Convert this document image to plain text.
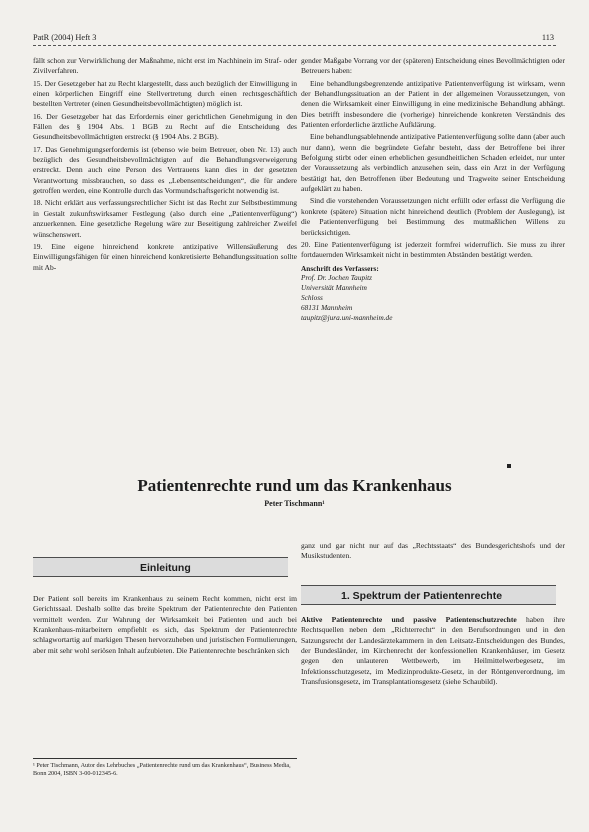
PatR (2004) Heft 3	113

fällt schon zur Verwirklichung der Maßnahme, nicht erst im Nachhinein im Straf- oder Zivilverfahren.

15. Der Gesetzgeber hat zu Recht klargestellt, dass auch bezüglich der Einwilligung in einen körperlichen Eingriff eine Stellvertretung durch einen rechtsgeschäftlich bestellten Vertreter (einen Gesundheitsbevollmächtigten) möglich ist.

16. Der Gesetzgeber hat das Erfordernis einer gerichtlichen Genehmigung in den Fällen des § 1904 Abs. 1 BGB zu Recht auf die Entscheidung des Gesundheitsbevollmächtigten erstreckt (§ 1904 Abs. 2 BGB).

17. Das Genehmigungserfordernis ist (ebenso wie beim Betreuer, oben Nr. 13) auch bezüglich des Gesundheitsbevollmächtigten auf die Behandlungsverweigerung erstreckt. Denn auch eine Person des Vertrauens kann dies in der gesetzten Verantwortung missbrauchen, so dass es „Lebensentscheidungen“, die für andere getroffen werden, eine Kontrolle durch das Vormundschaftsgericht notwendig ist.

18. Nicht erklärt aus verfassungsrechtlicher Sicht ist das Recht zur Selbstbestimmung in Gestalt zukunftswirksamer Festlegung (also durch eine „Patientenverfügung“) anzuerkennen. Eine gesetzliche Regelung wäre zur Beseitigung zahlreicher Zweifel wünschenswert.

19. Eine eigene hinreichend konkrete antizipative Willensäußerung des Einwilligungsfähigen für einen hinreichend konkretisierte Behandlungssituation sollte mit Ab-

gender Maßgabe Vorrang vor der (späteren) Entscheidung eines Bevollmächtigten oder Betreuers haben:

Eine behandlungsbegrenzende antizipative Patientenverfügung ist wirksam, wenn der Behandlungssituation an der Patient in der allgemeinen Voraussetzungen, von denen die Wirksamkeit einer Einwilligung in eine medizinische Behandlung abhängt. Dies betrifft insbesondere die (vorherige) hinreichende konkreten Verständnis des Patienten erforderliche ärztliche Aufklärung.

Eine behandlungsablehnende antizipative Patientenverfügung sollte dann (aber auch nur dann), wenn die begründete Gefahr besteht, dass der Betroffene bei ihrer Befolgung stirbt oder einen erheblichen gesundheitlichen Schaden erleidet, nur unter der Voraussetzung als verbindlich anzusehen sein, dass ein Arzt in der Verfügung bestätigt hat, den Betroffenen über Bedeutung und Tragweite seiner Entscheidung aufgeklärt zu haben.

Sind die vorstehenden Voraussetzungen nicht erfüllt oder erfasst die Verfügung die konkrete (spätere) Situation nicht hinreichend deutlich (Problem der Auslegung), ist die Patientenverfügung bei Bestimmung des mutmaßlichen Willens zu berücksichtigen.

20. Eine Patientenverfügung ist jederzeit formfrei widerruflich. Sie muss zu ihrer fortdauernden Wirksamkeit nicht in bestimmten Abständen bestätigt werden.

Anschrift des Verfassers:
Prof. Dr. Jochen Taupitz
Universität Mannheim
Schloss
68131 Mannheim
taupitz@jura.uni-mannheim.de
Patientenrechte rund um das Krankenhaus
Peter Tischmann¹
Einleitung

Der Patient soll bereits im Krankenhaus zu seinem Recht kommen, nicht erst im Gerichtssaal. Deshalb sollte das breite Spektrum der Patientenrechte den Patienten vermittelt werden. Zur Wahrung der Wirksamkeit bei Patienten und auch bei Krankenhaus-mitarbeitern empfiehlt es sich, das Spektrum der Patientenrechte schlagwortartig auf markigen Thesen hervorzuheben und juristischen Formulierungen, aber mit sehr wohl seriösen Inhalt aufzubieten. Die Patientenrechte beschränken sich

ganz und gar nicht nur auf das „Rechtsstaats“ des Bundesgerichtshofs und der Musikstudenten.

1. Spektrum der Patientenrechte

Aktive Patientenrechte und passive Patientenschutzrechte haben ihre Rechtsquellen neben dem „Richterrecht“ in den Berufsordnungen und in den Satzungsrecht der Landesärztekammern in den Leitsatz-Entscheidungen des Bundes, der Bundesländer, im Kirchenrecht der konfessionellen Krankenhäuser, im Gesetz gegen den unlauteren Wettbewerb, im Heilmittelwerbegesetz, im Infektionsschutzgesetz, im Medizinprodukte-Gesetz, in der Röntgenverordnung, im Transfusionsgesetz, im Transplantationsgesetz (siehe Schaubild).

¹ Peter Tischmann, Autor des Lehrbuches „Patientenrechte rund um das Krankenhaus“, Business Media, Bonn 2004, ISBN 3-00-012345-6.
